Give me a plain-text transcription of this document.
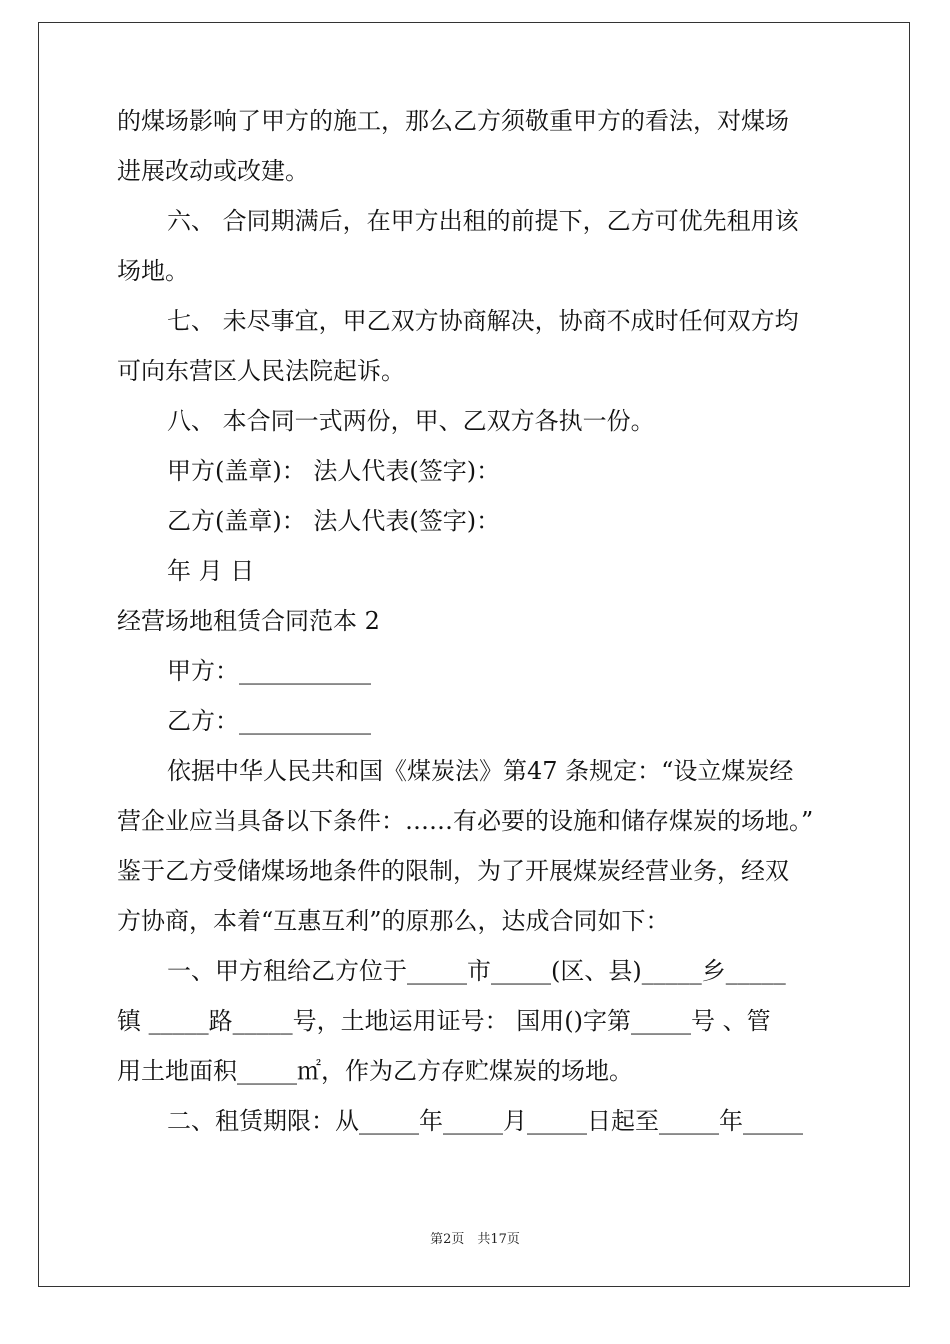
的煤场影响了甲方的施工，那么乙方须敬重甲方的看法，对煤场
进展改动或改建。
六、 合同期满后，在甲方出租的前提下，乙方可优先租用该
场地。
七、 未尽事宜，甲乙双方协商解决，协商不成时任何双方均
可向东营区人民法院起诉。
八、 本合同一式两份，甲、乙双方各执一份。
甲方(盖章)： 法人代表(签字)：
乙方(盖章)： 法人代表(签字)：
年 月 日
经营场地租赁合同范本 2
甲方：___________
乙方：___________
依据中华人民共和国《煤炭法》第47 条规定：“设立煤炭经
营企业应当具备以下条件：……有必要的设施和储存煤炭的场地。”
鉴于乙方受储煤场地条件的限制，为了开展煤炭经营业务，经双
方协商，本着“互惠互利”的原那么，达成合同如下：
一、甲方租给乙方位于_____市_____(区、县)_____乡_____
镇 _____路_____号，土地运用证号： 国用()字第_____号 、管
用土地面积_____㎡，作为乙方存贮煤炭的场地。
二、租赁期限：从_____年_____月_____日起至_____年_____
第2页　共17页
